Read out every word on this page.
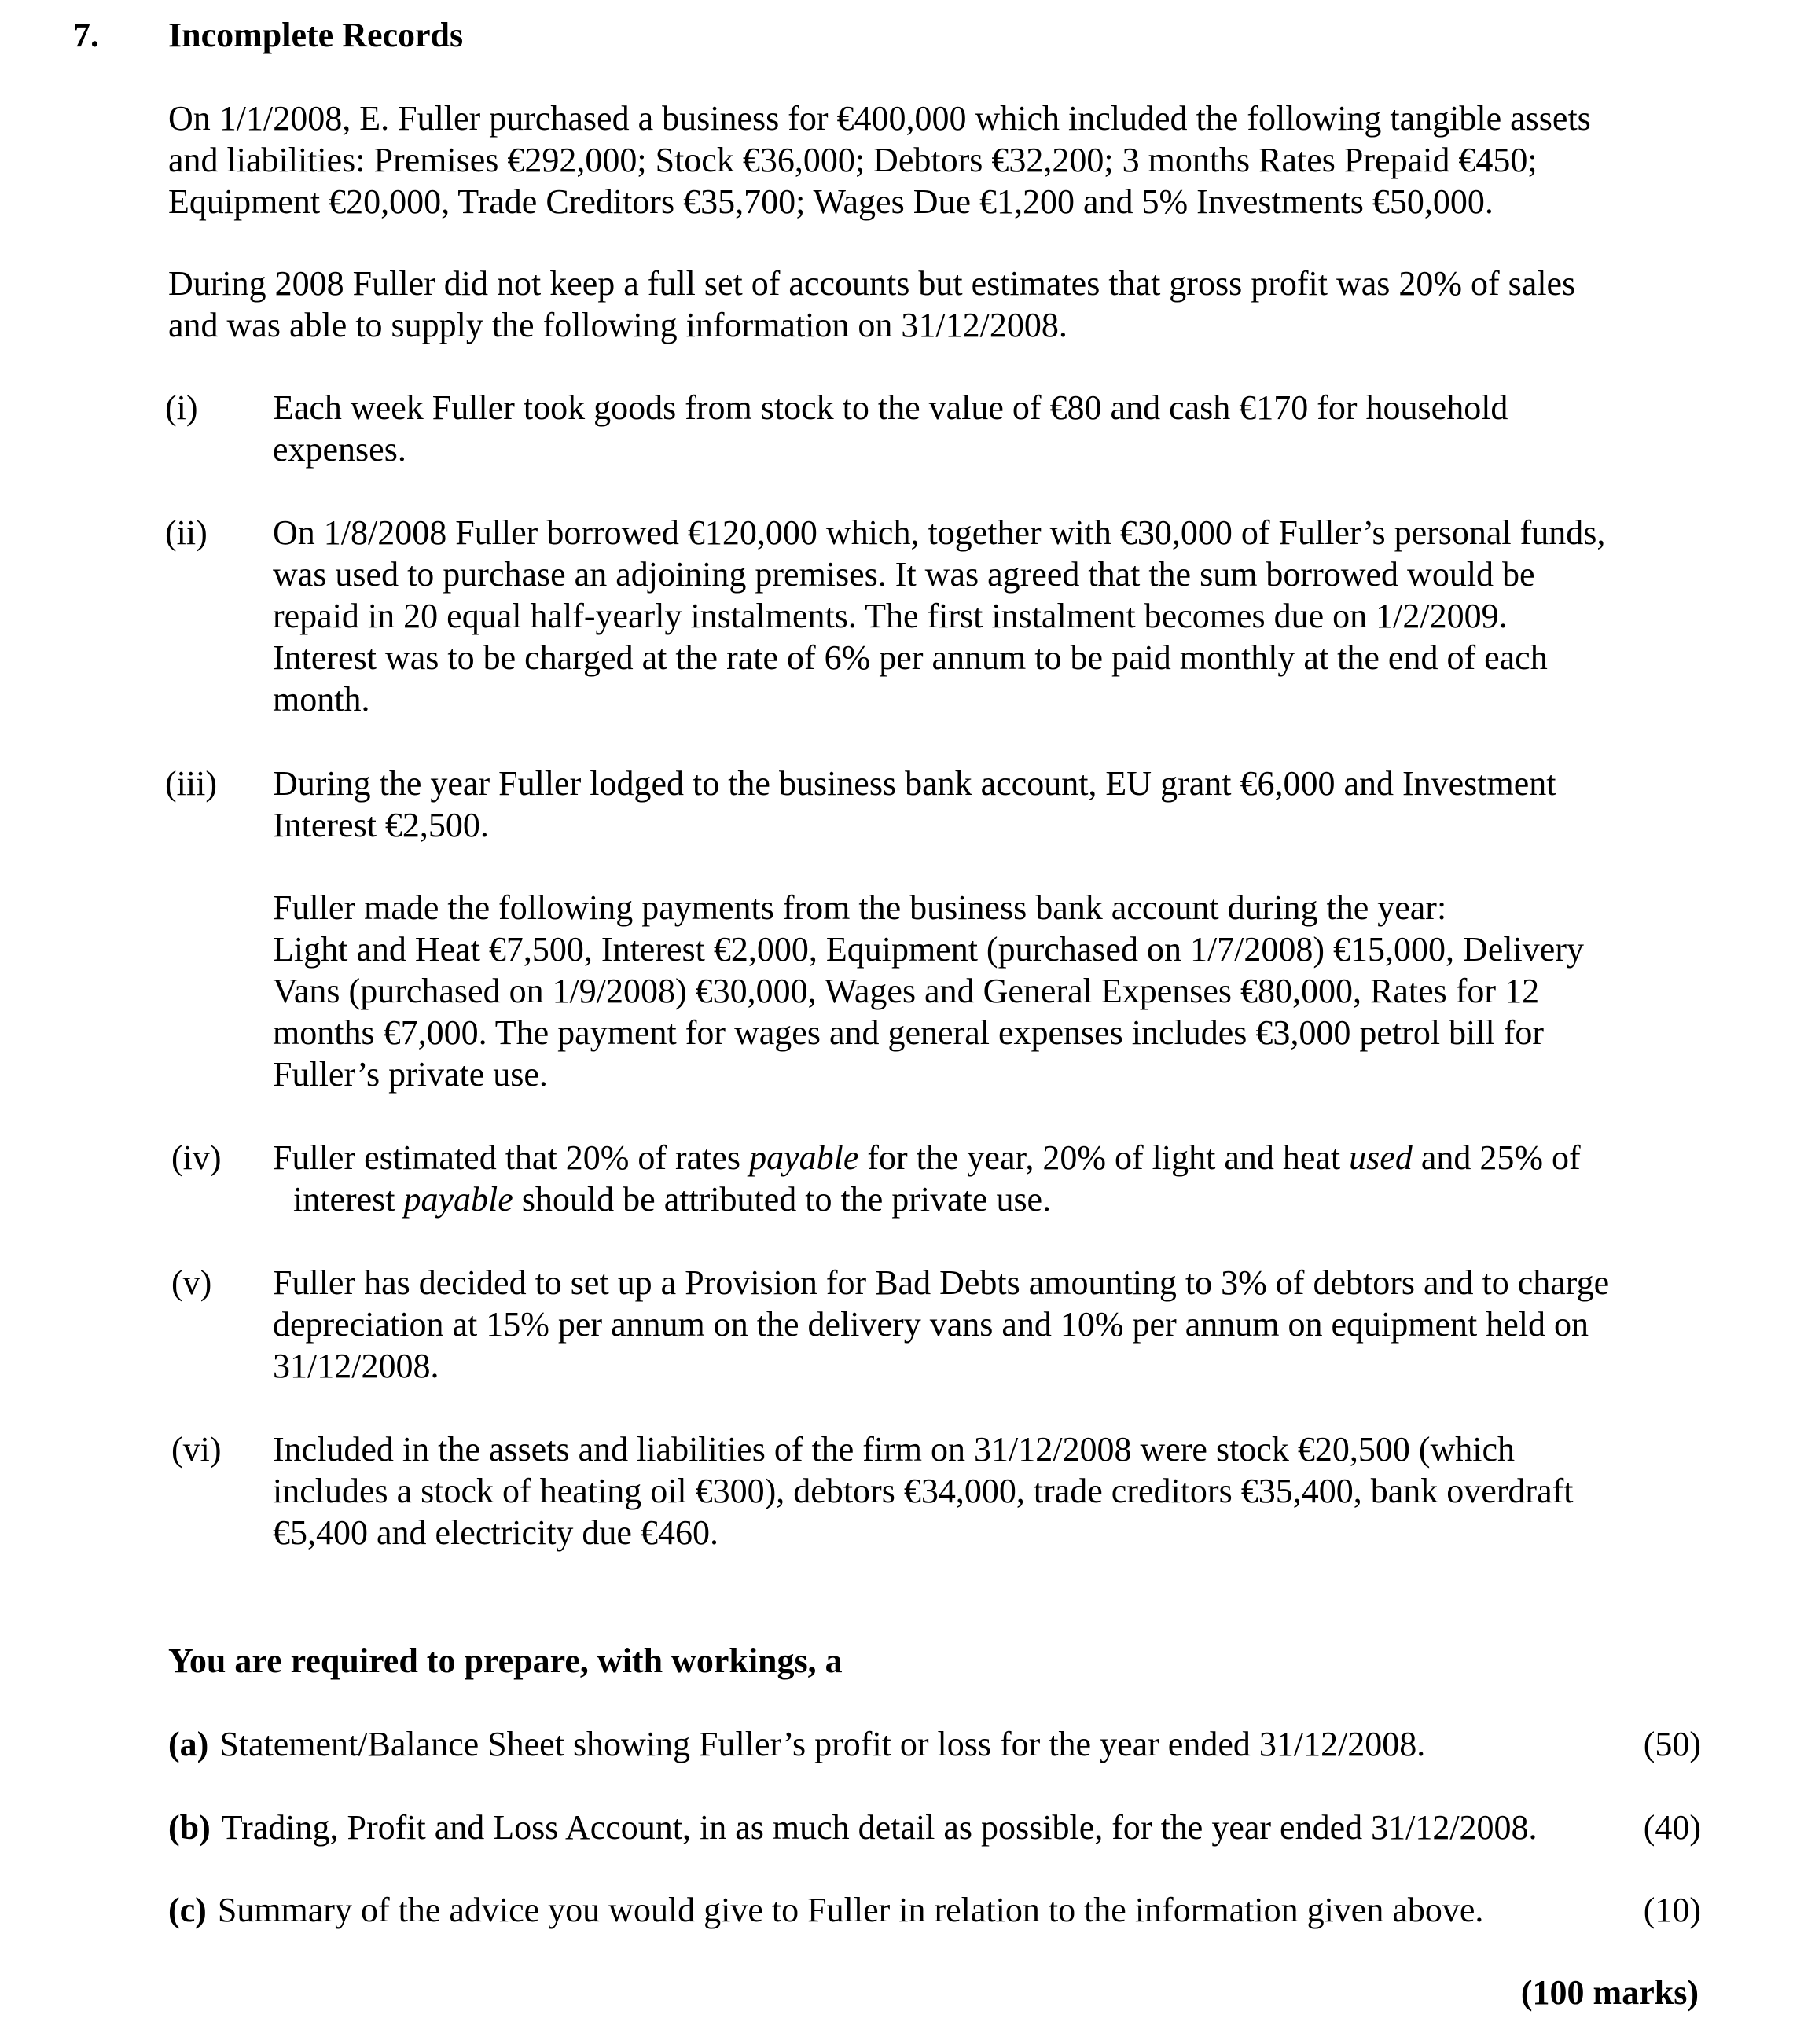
7. Incomplete Records

On 1/1/2008, E. Fuller purchased a business for €400,000 which included the following tangible assets

and liabilities: Premises €292,000; Stock €36,000; Debtors €32,200; 3 months Rates Prepaid €450;

Equipment €20,000, Trade Creditors €35,700; Wages Due €1,200 and 5% Investments €50,000.

During 2008 Fuller did not keep a full set of accounts but estimates that gross profit was 20% of sales

and was able to supply the following information on 31/12/2008.

(i) Each week Fuller took goods from stock to the value of €80 and cash €170 for household

expenses.

(ii) On 1/8/2008 Fuller borrowed €120,000 which, together with €30,000 of Fuller’s personal funds,

was used to purchase an adjoining premises. It was agreed that the sum borrowed would be

repaid in 20 equal half-yearly instalments. The first instalment becomes due on 1/2/2009.

Interest was to be charged at the rate of 6% per annum to be paid monthly at the end of each

month.

(iii) During the year Fuller lodged to the business bank account, EU grant €6,000 and Investment

Interest €2,500.

Fuller made the following payments from the business bank account during the year:

Light and Heat €7,500, Interest €2,000, Equipment (purchased on 1/7/2008) €15,000, Delivery

Vans (purchased on 1/9/2008) €30,000, Wages and General Expenses €80,000, Rates for 12

months €7,000. The payment for wages and general expenses includes €3,000 petrol bill for

Fuller’s private use.

(iv) Fuller estimated that 20% of rates payable for the year, 20% of light and heat used and 25% of

interest payable should be attributed to the private use.

(v) Fuller has decided to set up a Provision for Bad Debts amounting to 3% of debtors and to charge

depreciation at 15% per annum on the delivery vans and 10% per annum on equipment held on

31/12/2008.

(vi) Included in the assets and liabilities of the firm on 31/12/2008 were stock €20,500 (which

includes a stock of heating oil €300), debtors €34,000, trade creditors €35,400, bank overdraft

€5,400 and electricity due €460.

You are required to prepare, with workings, a
(a) Statement/Balance Sheet showing Fuller’s profit or loss for the year ended 31/12/2008.	(50)
(b) Trading, Profit and Loss Account, in as much detail as possible, for the year ended 31/12/2008.	(40)
(c) Summary of the advice you would give to Fuller in relation to the information given above.	(10)
(100 marks)
